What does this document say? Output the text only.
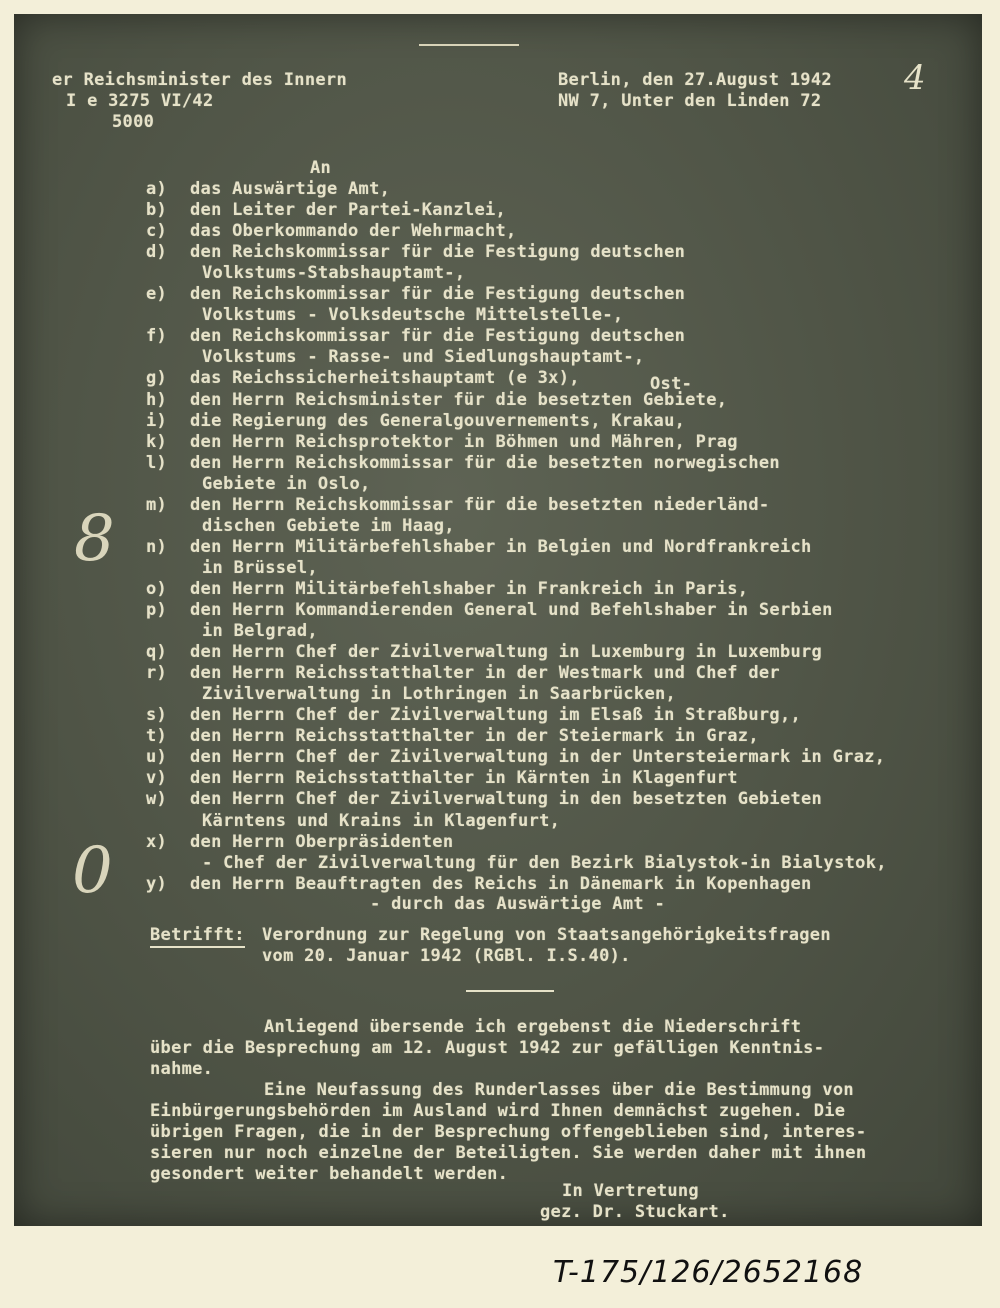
4
er Reichsminister des Innern
I e 3275 VI/42
5000
Berlin, den 27.August 1942
NW 7, Unter den Linden 72
An
a) das Auswärtige Amt,
b) den Leiter der Partei-Kanzlei,
c) das Oberkommando der Wehrmacht,
d) den Reichskommissar für die Festigung deutschen
Volkstums-Stabshauptamt-,
e) den Reichskommissar für die Festigung deutschen
Volkstums - Volksdeutsche Mittelstelle-,
f) den Reichskommissar für die Festigung deutschen
Volkstums - Rasse- und Siedlungshauptamt-,
g) das Reichssicherheitshauptamt (e 3x),
h) den Herrn Reichsminister für die besetzten Gebiete,
i) die Regierung des Generalgouvernements, Krakau,
k) den Herrn Reichsprotektor in Böhmen und Mähren, Prag
l) den Herrn Reichskommissar für die besetzten norwegischen
Gebiete in Oslo,
m) den Herrn Reichskommissar für die besetzten niederländ-
dischen Gebiete im Haag,
n) den Herrn Militärbefehlshaber in Belgien und Nordfrankreich
in Brüssel,
o) den Herrn Militärbefehlshaber in Frankreich in Paris,
p) den Herrn Kommandierenden General und Befehlshaber in Serbien
in Belgrad,
q) den Herrn Chef der Zivilverwaltung in Luxemburg in Luxemburg
r) den Herrn Reichsstatthalter in der Westmark und Chef der
Zivilverwaltung in Lothringen in Saarbrücken,
s) den Herrn Chef der Zivilverwaltung im Elsaß in Straßburg,,
t) den Herrn Reichsstatthalter in der Steiermark in Graz,
u) den Herrn Chef der Zivilverwaltung in der Untersteiermark in Graz,
v) den Herrn Reichsstatthalter in Kärnten in Klagenfurt
w) den Herrn Chef der Zivilverwaltung in den besetzten Gebieten
Kärntens und Krains in Klagenfurt,
x) den Herrn Oberpräsidenten
- Chef der Zivilverwaltung für den Bezirk Bialystok-in Bialystok,
y) den Herrn Beauftragten des Reichs in Dänemark in Kopenhagen
Ost-
- durch das Auswärtige Amt -
Betrifft: Verordnung zur Regelung von Staatsangehörigkeitsfragen
vom 20. Januar 1942 (RGBl. I.S.40).
Anliegend übersende ich ergebenst die Niederschrift
über die Besprechung am 12. August 1942 zur gefälligen Kenntnis-
nahme.
Eine Neufassung des Runderlasses über die Bestimmung von
Einbürgerungsbehörden im Ausland wird Ihnen demnächst zugehen. Die
übrigen Fragen, die in der Besprechung offengeblieben sind, interes-
sieren nur noch einzelne der Beteiligten. Sie werden daher mit ihnen
gesondert weiter behandelt werden.
In Vertretung
gez. Dr. Stuckart.
8
0
T-175/126/2652168
